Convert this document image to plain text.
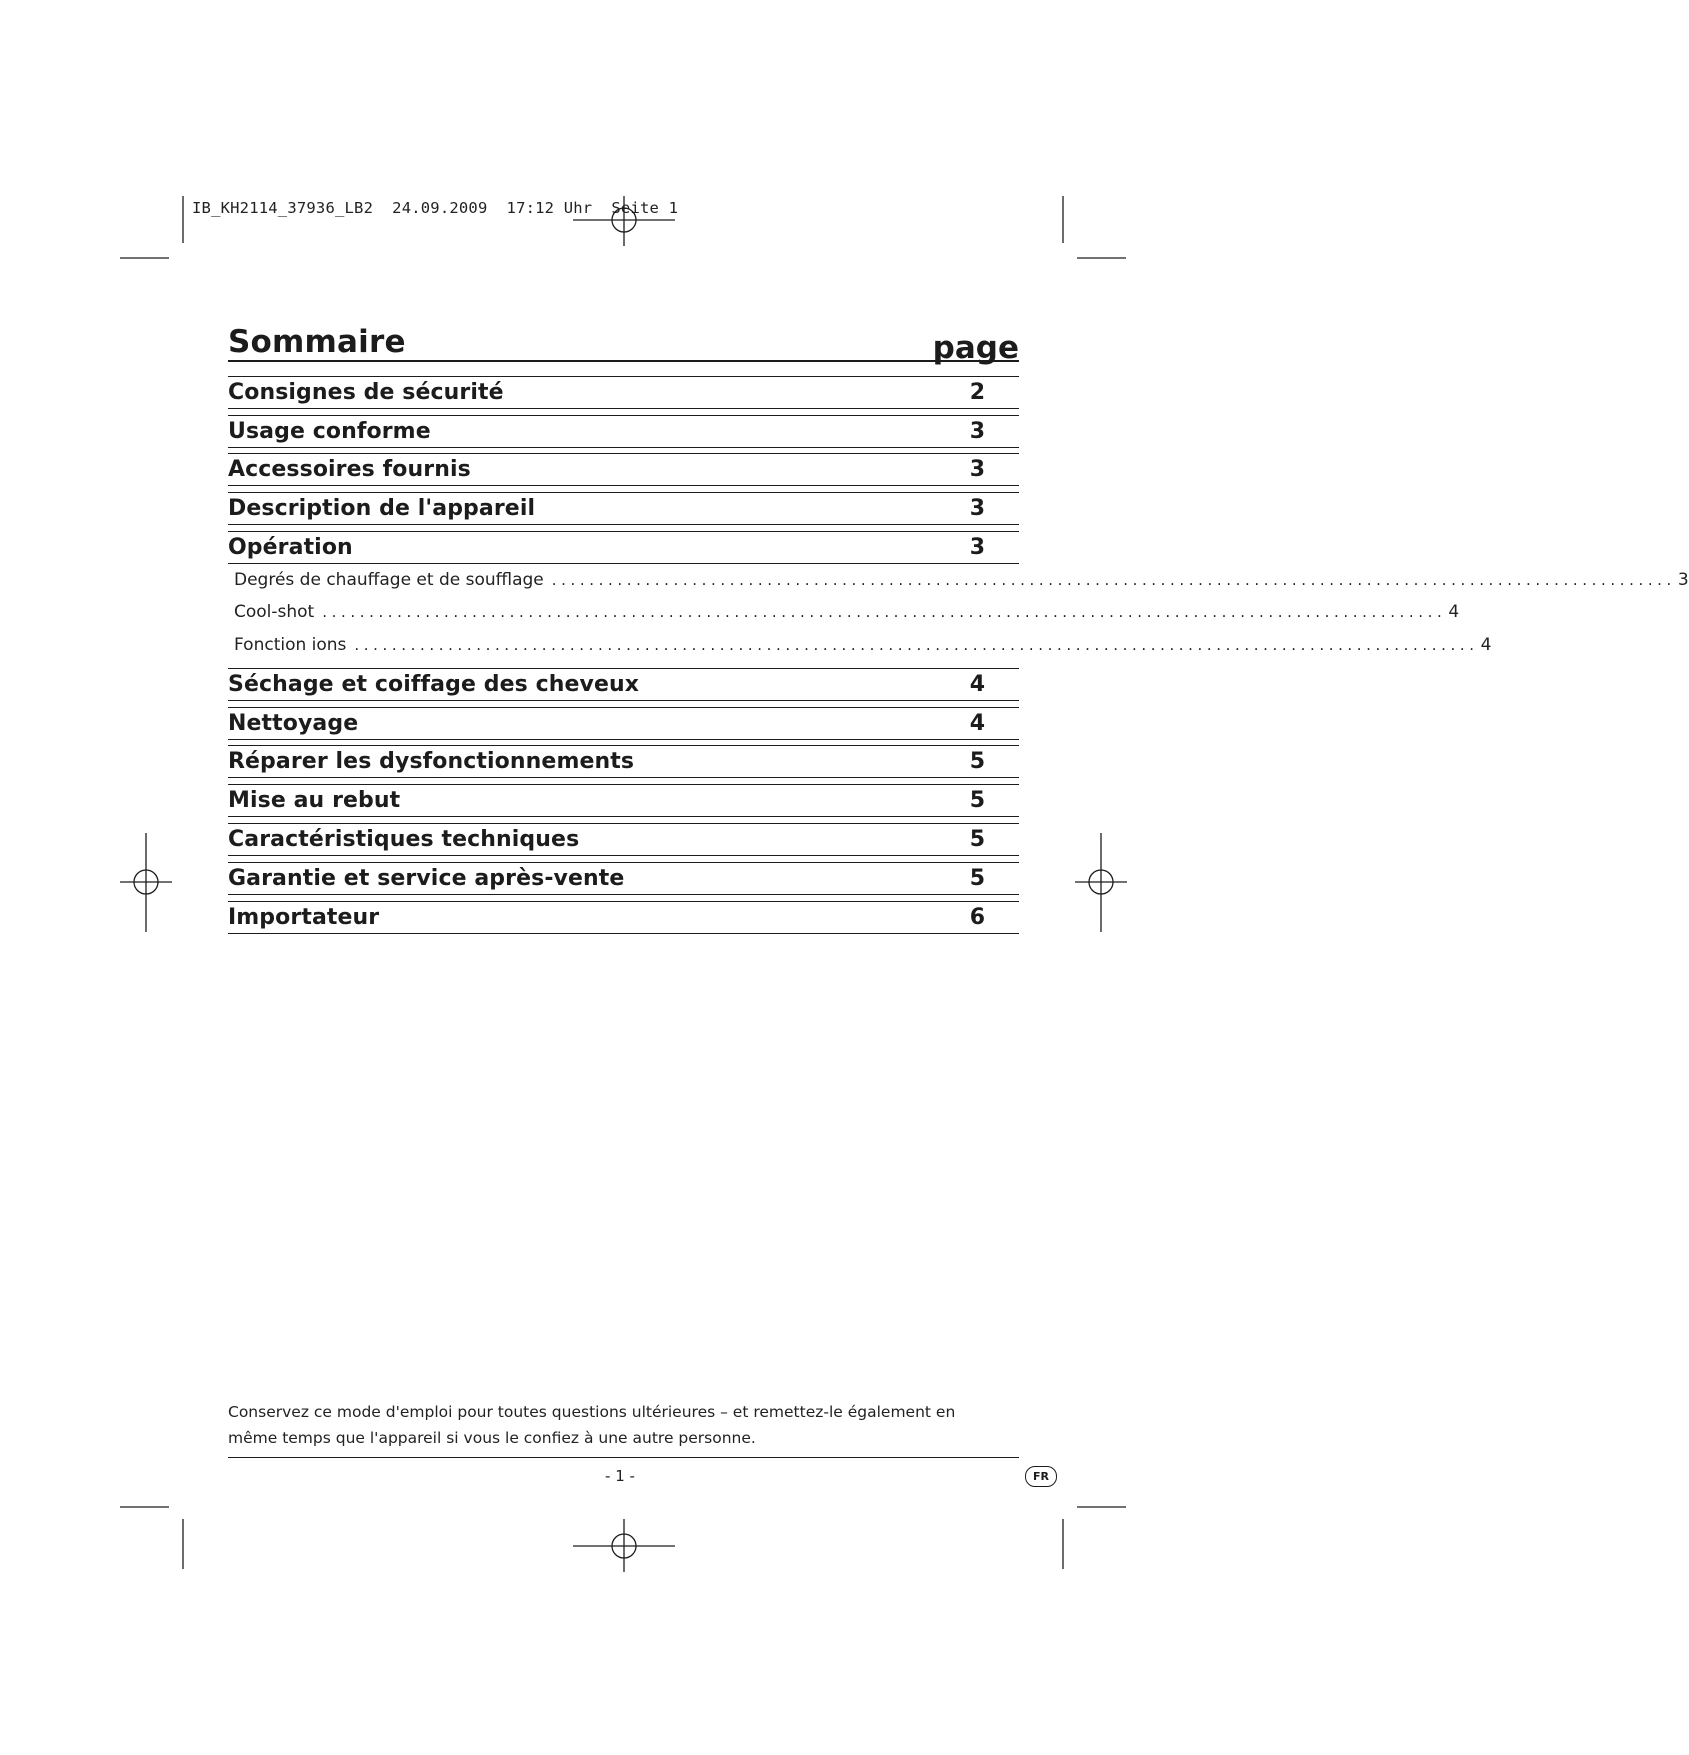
IB_KH2114_37936_LB2  24.09.2009  17:12 Uhr  Seite 1
Sommaire	page
Consignes de sécurité	2
Usage conforme	3
Accessoires fournis	3
Description de l'appareil	3
Opération	3
Degrés de chauffage et de soufflage ........................................................................................................................ 3
Cool-shot ........................................................................................................................ 4
Fonction ions ........................................................................................................................ 4
Séchage et coiffage des cheveux	4
Nettoyage	4
Réparer les dysfonctionnements	5
Mise au rebut	5
Caractéristiques techniques	5
Garantie et service après-vente	5
Importateur	6
Conservez ce mode d'emploi pour toutes questions ultérieures – et remettez-le également en même temps que l'appareil si vous le confiez à une autre personne.
- 1 -	FR
